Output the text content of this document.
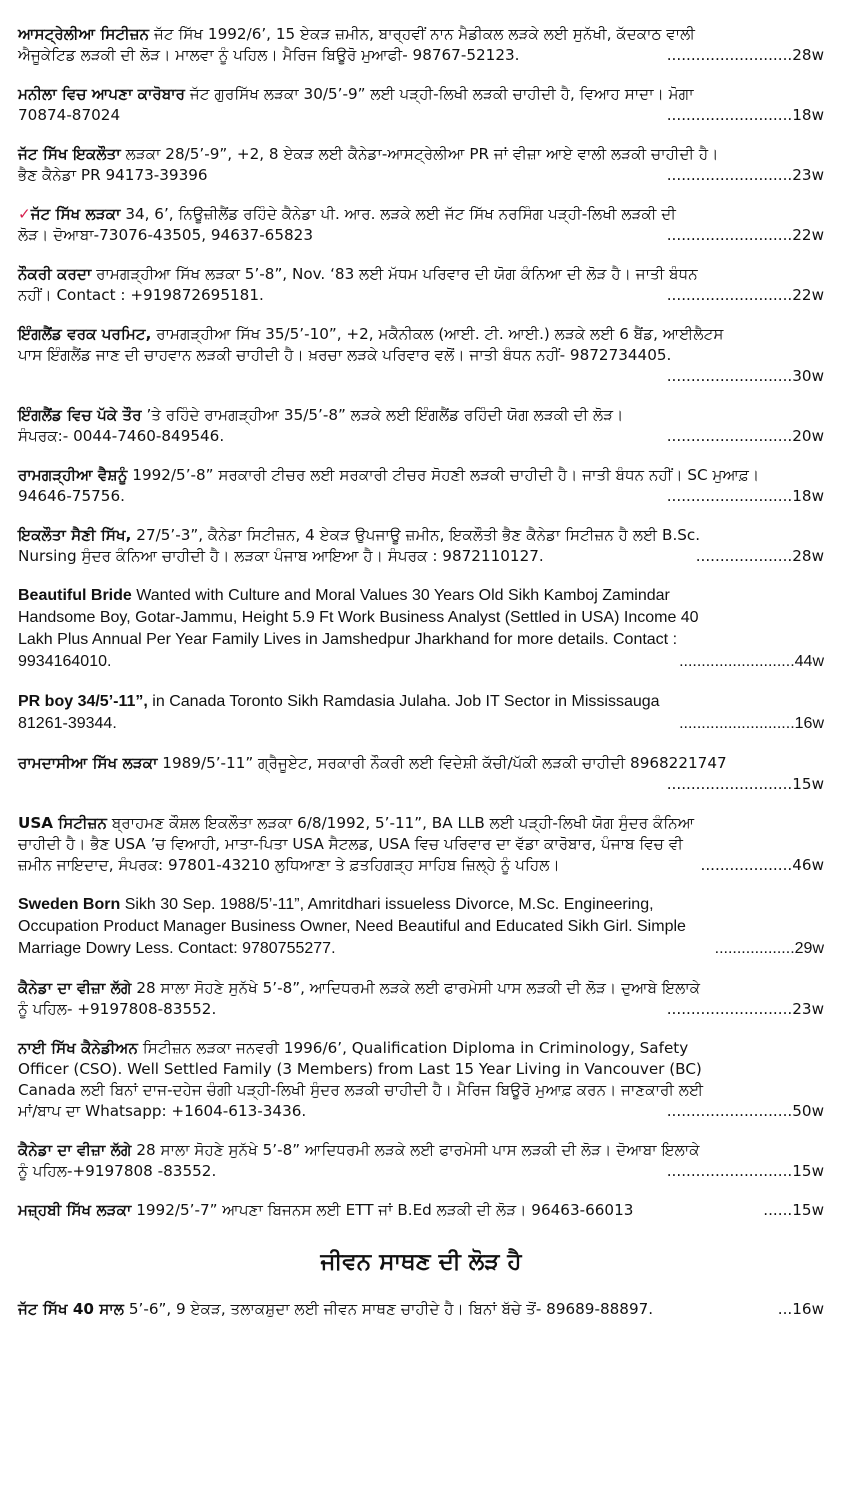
ਆਸਟ੍ਰੇਲੀਆ ਸਿਟੀਜ਼ਨ ਜੱਟ ਸਿੱਖ 1992/6’, 15 ਏਕੜ ਜ਼ਮੀਨ, ਬਾਰ੍ਹਵੀਂ ਨਾਨ ਮੈਡੀਕਲ ਲੜਕੇ ਲਈ ਸੁਨੱਖੀ, ਕੱਦਕਾਠ ਵਾਲੀ
ਐਜੂਕੇਟਿਡ ਲੜਕੀ ਦੀ ਲੋੜ। ਮਾਲਵਾ ਨੂੰ ਪਹਿਲ। ਮੈਰਿਜ ਬਿਊਰੋ ਮੁਆਫੀ- 98767-52123.	..........................28w
ਮਨੀਲਾ ਵਿਚ ਆਪਣਾ ਕਾਰੋਬਾਰ ਜੱਟ ਗੁਰਸਿੱਖ ਲੜਕਾ 30/5’-9” ਲਈ ਪੜ੍ਹੀ-ਲਿਖੀ ਲੜਕੀ ਚਾਹੀਦੀ ਹੈ, ਵਿਆਹ ਸਾਦਾ। ਮੋਗਾ
70874-87024	..........................18w
ਜੱਟ ਸਿੱਖ ਇਕਲੌਤਾ ਲੜਕਾ 28/5’-9”, +2, 8 ਏਕੜ ਲਈ ਕੈਨੇਡਾ-ਆਸਟ੍ਰੇਲੀਆ PR ਜਾਂ ਵੀਜ਼ਾ ਆਏ ਵਾਲੀ ਲੜਕੀ ਚਾਹੀਦੀ ਹੈ।
ਭੈਣ ਕੈਨੇਡਾ PR 94173-39396	..........................23w
✓ਜੱਟ ਸਿੱਖ ਲੜਕਾ 34, 6’, ਨਿਊਜ਼ੀਲੈਂਡ ਰਹਿੰਦੇ ਕੈਨੇਡਾ ਪੀ. ਆਰ. ਲੜਕੇ ਲਈ ਜੱਟ ਸਿੱਖ ਨਰਸਿੰਗ ਪੜ੍ਹੀ-ਲਿਖੀ ਲੜਕੀ ਦੀ
ਲੋੜ। ਦੋਆਬਾ-73076-43505, 94637-65823	..........................22w
ਨੌਕਰੀ ਕਰਦਾ ਰਾਮਗੜ੍ਹੀਆ ਸਿੱਖ ਲੜਕਾ 5’-8”, Nov. ‘83 ਲਈ ਮੱਧਮ ਪਰਿਵਾਰ ਦੀ ਯੋਗ ਕੰਨਿਆ ਦੀ ਲੋੜ ਹੈ। ਜਾਤੀ ਬੰਧਨ
ਨਹੀਂ। Contact : +919872695181.	..........................22w
ਇੰਗਲੈਂਡ ਵਰਕ ਪਰਮਿਟ, ਰਾਮਗੜ੍ਹੀਆ ਸਿੱਖ 35/5’-10”, +2, ਮਕੈਨੀਕਲ (ਆਈ. ਟੀ. ਆਈ.) ਲੜਕੇ ਲਈ 6 ਬੈਂਡ, ਆਈਲੈਟਸ
ਪਾਸ ਇੰਗਲੈਂਡ ਜਾਣ ਦੀ ਚਾਹਵਾਨ ਲੜਕੀ ਚਾਹੀਦੀ ਹੈ। ਖ਼ਰਚਾ ਲੜਕੇ ਪਰਿਵਾਰ ਵਲੋਂ। ਜਾਤੀ ਬੰਧਨ ਨਹੀਂ- 9872734405.
..........................30w
ਇੰਗਲੈਂਡ ਵਿਚ ਪੱਕੇ ਤੌਰ ’ਤੇ ਰਹਿੰਦੇ ਰਾਮਗੜ੍ਹੀਆ 35/5’-8” ਲੜਕੇ ਲਈ ਇੰਗਲੈਂਡ ਰਹਿੰਦੀ ਯੋਗ ਲੜਕੀ ਦੀ ਲੋੜ।
ਸੰਪਰਕ:- 0044-7460-849546.	..........................20w
ਰਾਮਗੜ੍ਹੀਆ ਵੈਸ਼ਨੂੰ 1992/5’-8” ਸਰਕਾਰੀ ਟੀਚਰ ਲਈ ਸਰਕਾਰੀ ਟੀਚਰ ਸੋਹਣੀ ਲੜਕੀ ਚਾਹੀਦੀ ਹੈ। ਜਾਤੀ ਬੰਧਨ ਨਹੀਂ। SC ਮੁਆਫ਼।
94646-75756.	..........................18w
ਇਕਲੌਤਾ ਸੈਣੀ ਸਿੱਖ, 27/5’-3”, ਕੈਨੇਡਾ ਸਿਟੀਜ਼ਨ, 4 ਏਕੜ ਉਪਜਾਊ ਜ਼ਮੀਨ, ਇਕਲੌਤੀ ਭੈਣ ਕੈਨੇਡਾ ਸਿਟੀਜ਼ਨ ਹੈ ਲਈ B.Sc.
Nursing ਸੁੰਦਰ ਕੰਨਿਆ ਚਾਹੀਦੀ ਹੈ। ਲੜਕਾ ਪੰਜਾਬ ਆਇਆ ਹੈ। ਸੰਪਰਕ : 9872110127.	....................28w
Beautiful Bride Wanted with Culture and Moral Values 30 Years Old Sikh Kamboj Zamindar
Handsome Boy, Gotar-Jammu, Height 5.9 Ft Work Business Analyst (Settled in USA) Income 40
Lakh Plus Annual Per Year Family Lives in Jamshedpur Jharkhand for more details. Contact :
9934164010.	..........................44w
PR boy 34/5’-11”, in Canada Toronto Sikh Ramdasia Julaha. Job IT Sector in Mississauga
81261-39344.	..........................16w
ਰਾਮਦਾਸੀਆ ਸਿੱਖ ਲੜਕਾ 1989/5’-11” ਗ੍ਰੈਜੂਏਟ, ਸਰਕਾਰੀ ਨੌਕਰੀ ਲਈ ਵਿਦੇਸ਼ੀ ਕੱਚੀ/ਪੱਕੀ ਲੜਕੀ ਚਾਹੀਦੀ 8968221747
..........................15w
USA ਸਿਟੀਜ਼ਨ ਬ੍ਰਾਹਮਣ ਕੌਸ਼ਲ ਇਕਲੌਤਾ ਲੜਕਾ 6/8/1992, 5’-11”, BA LLB ਲਈ ਪੜ੍ਹੀ-ਲਿਖੀ ਯੋਗ ਸੁੰਦਰ ਕੰਨਿਆ
ਚਾਹੀਦੀ ਹੈ। ਭੈਣ USA ’ਚ ਵਿਆਹੀ, ਮਾਤਾ-ਪਿਤਾ USA ਸੈਟਲਡ, USA ਵਿਚ ਪਰਿਵਾਰ ਦਾ ਵੱਡਾ ਕਾਰੋਬਾਰ, ਪੰਜਾਬ ਵਿਚ ਵੀ
ਜ਼ਮੀਨ ਜਾਇਦਾਦ, ਸੰਪਰਕ: 97801-43210 ਲੁਧਿਆਣਾ ਤੇ ਫ਼ਤਹਿਗੜ੍ਹ ਸਾਹਿਬ ਜ਼ਿਲ੍ਹੇ ਨੂੰ ਪਹਿਲ।	...................46w
Sweden Born Sikh 30 Sep. 1988/5’-11”, Amritdhari issueless Divorce, M.Sc. Engineering,
Occupation Product Manager Business Owner, Need Beautiful and Educated Sikh Girl. Simple
Marriage Dowry Less. Contact: 9780755277.	..................29w
ਕੈਨੇਡਾ ਦਾ ਵੀਜ਼ਾ ਲੱਗੇ 28 ਸਾਲਾ ਸੋਹਣੇ ਸੁਨੱਖੇ 5’-8”, ਆਦਿਧਰਮੀ ਲੜਕੇ ਲਈ ਫਾਰਮੇਸੀ ਪਾਸ ਲੜਕੀ ਦੀ ਲੋੜ। ਦੁਆਬੇ ਇਲਾਕੇ
ਨੂੰ ਪਹਿਲ- +9197808-83552.	..........................23w
ਨਾਈ ਸਿੱਖ ਕੈਨੇਡੀਅਨ ਸਿਟੀਜ਼ਨ ਲੜਕਾ ਜਨਵਰੀ 1996/6’, Qualification Diploma in Criminology, Safety
Officer (CSO). Well Settled Family (3 Members) from Last 15 Year Living in Vancouver (BC)
Canada ਲਈ ਬਿਨਾਂ ਦਾਜ-ਦਹੇਜ ਚੰਗੀ ਪੜ੍ਹੀ-ਲਿਖੀ ਸੁੰਦਰ ਲੜਕੀ ਚਾਹੀਦੀ ਹੈ। ਮੈਰਿਜ ਬਿਊਰੋ ਮੁਆਫ਼ ਕਰਨ। ਜਾਣਕਾਰੀ ਲਈ
ਮਾਂ/ਬਾਪ ਦਾ Whatsapp: +1604-613-3436.	..........................50w
ਕੈਨੇਡਾ ਦਾ ਵੀਜ਼ਾ ਲੱਗੇ 28 ਸਾਲਾ ਸੋਹਣੇ ਸੁਨੱਖੇ 5’-8” ਆਦਿਧਰਮੀ ਲੜਕੇ ਲਈ ਫਾਰਮੇਸੀ ਪਾਸ ਲੜਕੀ ਦੀ ਲੋੜ। ਦੋਆਬਾ ਇਲਾਕੇ
ਨੂੰ ਪਹਿਲ-+9197808 -83552.	..........................15w
ਮਜ਼੍ਹਬੀ ਸਿੱਖ ਲੜਕਾ 1992/5’-7” ਆਪਣਾ ਬਿਜਨਸ ਲਈ ETT ਜਾਂ B.Ed ਲੜਕੀ ਦੀ ਲੋੜ। 96463-66013	......15w
ਜੀਵਨ ਸਾਥਣ ਦੀ ਲੋੜ ਹੈ
ਜੱਟ ਸਿੱਖ 40 ਸਾਲ 5’-6”, 9 ਏਕੜ, ਤਲਾਕਸ਼ੁਦਾ ਲਈ ਜੀਵਨ ਸਾਥਣ ਚਾਹੀਦੇ ਹੈ। ਬਿਨਾਂ ਬੱਚੇ ਤੋਂ- 89689-88897.	...16w
